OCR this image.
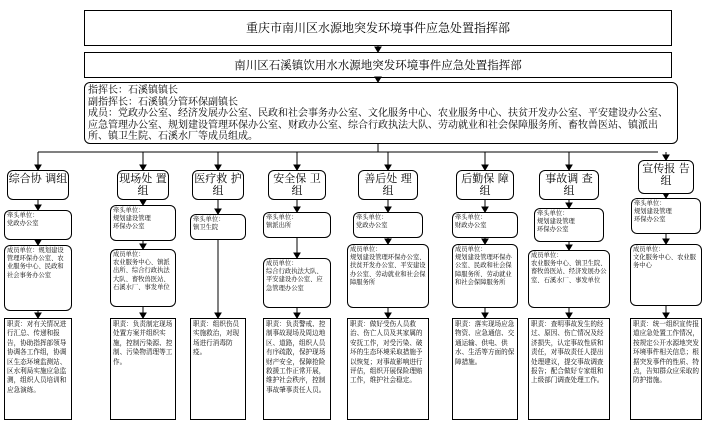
重庆市南川区水源地突发环境事件应急处置指挥部
南川区石溪镇饮用水水源地突发环境事件应急处置指挥部
指挥长：石溪镇镇长
副指挥长：石溪镇分管环保副镇长
成员：党政办公室、经济发展办公室、民政和社会事务办公室、文化服务中心、农业服务中心、扶贫开发办公室、平安建设办公室、应急管理办公室、规划建设管理环保办公室、财政办公室、综合行政执法大队、劳动就业和社会保障服务所、畜牧兽医站、镇派出所、镇卫生院、石溪水厂等成员组成。
综合协 调组
牵头单位：
党政办公室
成员单位：规划建设管理环保办公室、农业服务中心、民政和社会事务办公室
职责：对有关情况进行汇总、传递和报告，协助指挥部领导协调各工作组，协调区生态环境监测站、区水利局实施应急监测，组织人员培训和应急演练。
现场处 置组
牵头单位：
规划建设管理
环保办公室
成员单位：
农业服务中心、镇派出所、综合行政执法大队、畜牧兽医站、石溪水厂、事发单位
职责：负责制定现场处置方案并组织实施，控制污染源、控制、污染物清理等工作。
医疗救 护组
牵头单位：
镇卫生院
职责：组织伤员实施救治，对现场进行消毒防疫。
安全保 卫组
牵头单位：
镇派出所
成员单位：
综合行政执法大队、平安建设办公室、应急管理办公室
职责：负责警戒、控制事故现场及周边地区、道路，组织人员有序疏散，保护现场财产安全，保障抢险救援工作正常开展，维护社会秩序，控制事故肇事责任人员。
善后处 理组
牵头单位：
党政办公室
成员单位：
规划建设管理环保办公室、扶贫开发办公室、平安建设办公室、劳动就业和社会保障服务所
职责：做好受伤人员救治、伤亡人员及其家属的安抚工作，对受污染、破坏的生态环境采取措施予以恢复；对事故影响进行评估，组织开展保险理赔工作，维护社会稳定。
后勤保 障组
牵头单位：
财政办公室
成员单位：
规划建设管理环保办公室、民政和社会保障服务所、劳动就业和社会保障服务所
职责：落实现场应急物资、应急通信、交通运输、供电、供水、生活等方面的保障措施。
事故调 查组
牵头单位：
规划建设管理
环保办公室
成员单位：
农业服务中心、镇卫生院、畜牧兽医站、经济发展办公室、石溪水厂、事发单位
职责：查明事故发生的经过、原因、伤亡情况及经济损失，认定事故性质和责任，对事故责任人提出处理建议，提交事故调查报告；配合做好专家组和上级部门调查处理工作。
宣传报 告组
牵头单位：
规划建设管理
环保办公室
成员单位：
文化服务中心、农业服务中心
职责：统一组织宣传报道应急处置工作情况，按规定公开水源地突发环境事件相关信息；根据突发事件的性质、特点，告知群众应采取的防护措施。
